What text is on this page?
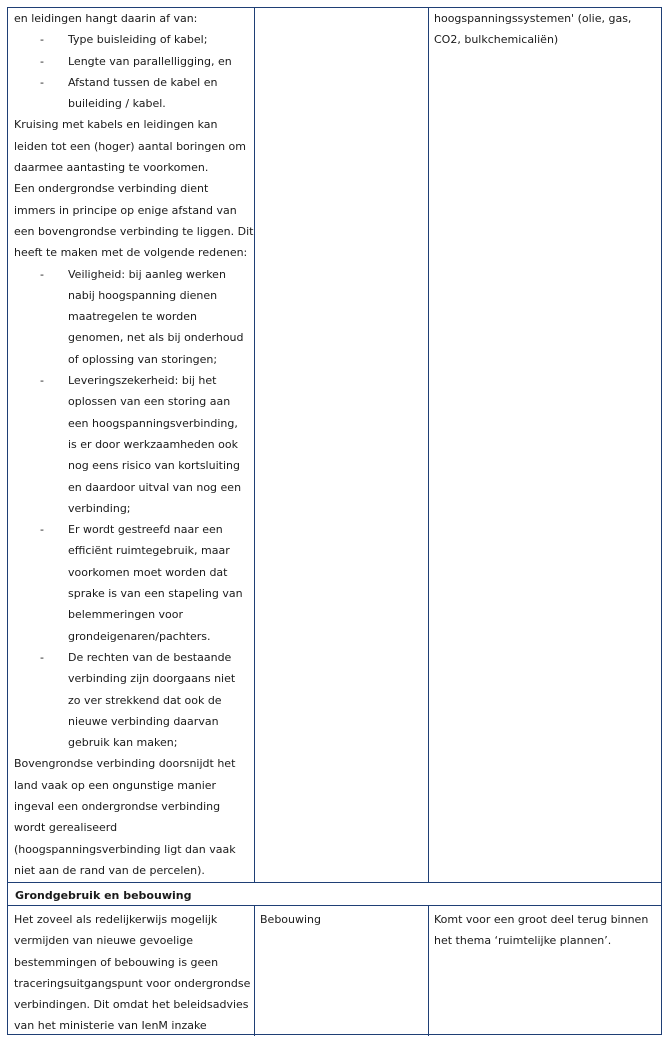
en leidingen hangt daarin af van:
- Type buisleiding of kabel;
- Lengte van parallelligging, en
- Afstand tussen de kabel en
buileiding / kabel.
Kruising met kabels en leidingen kan
leiden tot een (hoger) aantal boringen om
daarmee aantasting te voorkomen.
Een ondergrondse verbinding dient
immers in principe op enige afstand van
een bovengrondse verbinding te liggen. Dit
heeft te maken met de volgende redenen:
- Veiligheid: bij aanleg werken
nabij hoogspanning dienen
maatregelen te worden
genomen, net als bij onderhoud
of oplossing van storingen;
- Leveringszekerheid: bij het
oplossen van een storing aan
een hoogspanningsverbinding,
is er door werkzaamheden ook
nog eens risico van kortsluiting
en daardoor uitval van nog een
verbinding;
- Er wordt gestreefd naar een
efficiënt ruimtegebruik, maar
voorkomen moet worden dat
sprake is van een stapeling van
belemmeringen voor
grondeigenaren/pachters.
- De rechten van de bestaande
verbinding zijn doorgaans niet
zo ver strekkend dat ook de
nieuwe verbinding daarvan
gebruik kan maken;
Bovengrondse verbinding doorsnijdt het
land vaak op een ongunstige manier
ingeval een ondergrondse verbinding
wordt gerealiseerd
(hoogspanningsverbinding ligt dan vaak
niet aan de rand van de percelen).
hoogspanningssystemen' (olie, gas,
CO2, bulkchemicaliën)
Grondgebruik en bebouwing
Het zoveel als redelijkerwijs mogelijk
vermijden van nieuwe gevoelige
bestemmingen of bebouwing is geen
traceringsuitgangspunt voor ondergrondse
verbindingen. Dit omdat het beleidsadvies
van het ministerie van IenM inzake
Bebouwing	Komt voor een groot deel terug binnen
het thema ‘ruimtelijke plannen’.
